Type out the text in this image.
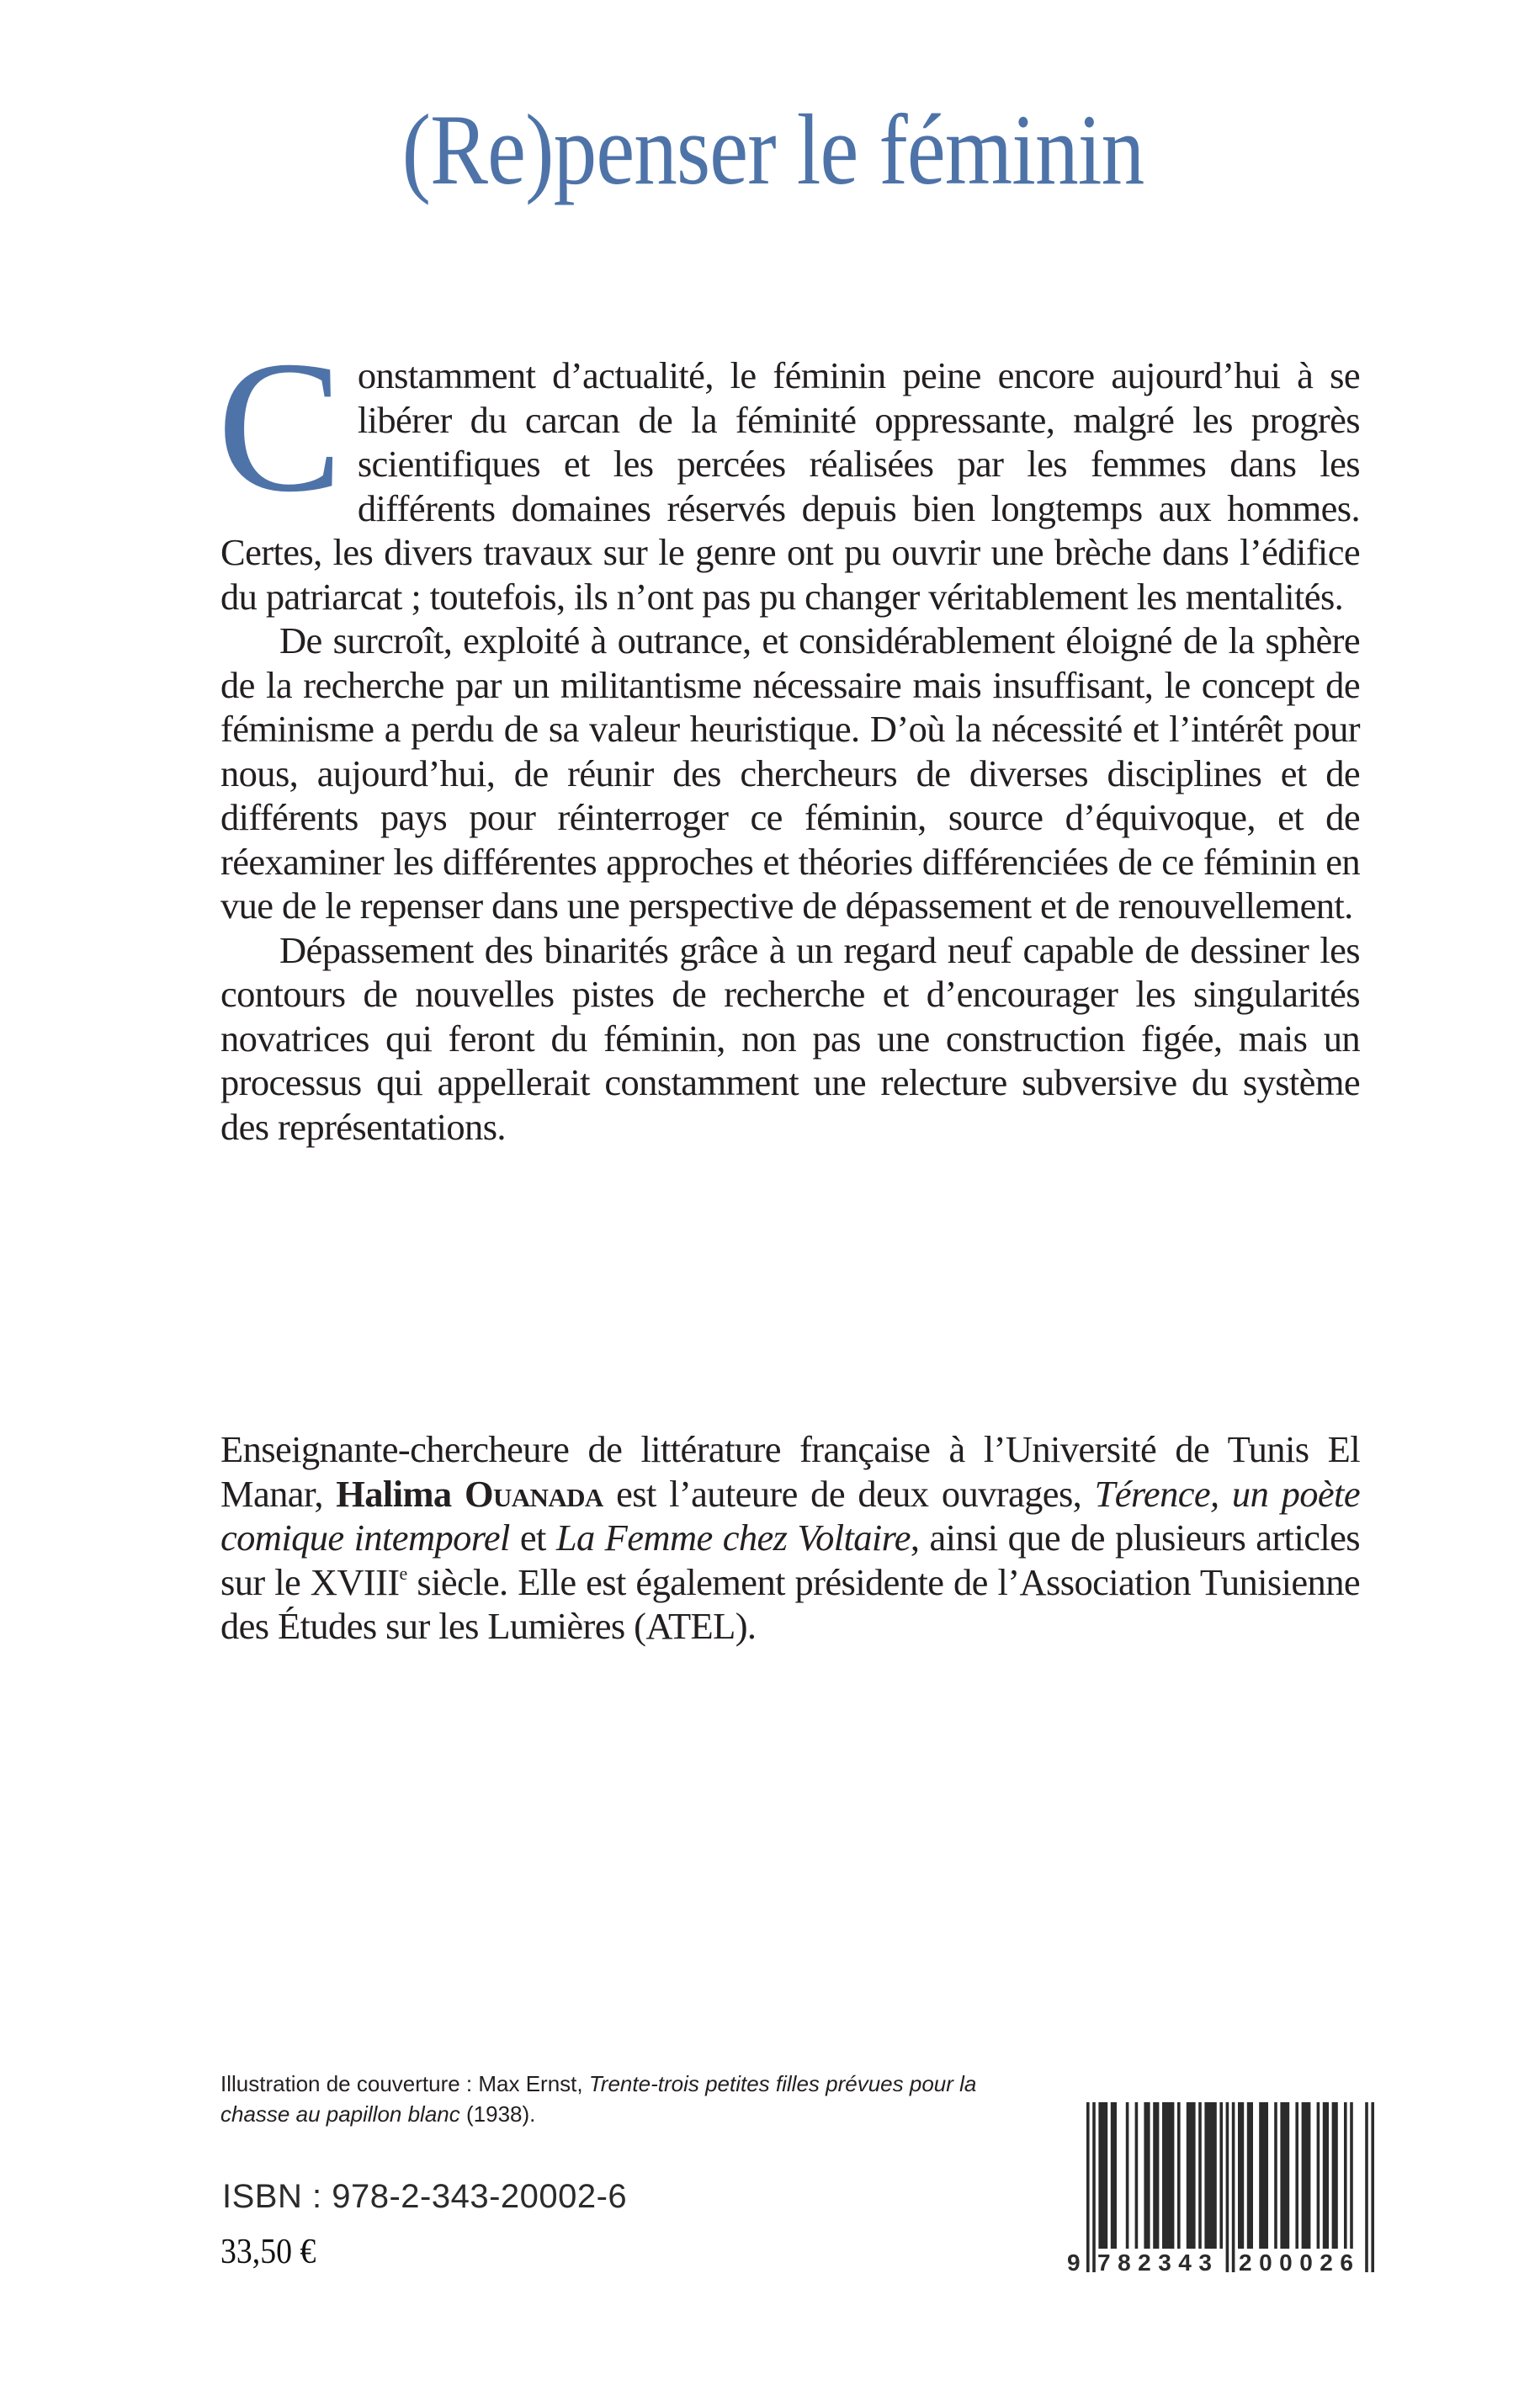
(Re)penser le féminin

Constamment d’actualité, le féminin peine encore aujourd’hui à se libérer du carcan de la féminité oppressante, malgré les progrès scientifiques et les percées réalisées par les femmes dans les différents domaines réservés depuis bien longtemps aux hommes. Certes, les divers travaux sur le genre ont pu ouvrir une brèche dans l’édifice du patriarcat ; toutefois, ils n’ont pas pu changer véritablement les mentalités.

De surcroît, exploité à outrance, et considérablement éloigné de la sphère de la recherche par un militantisme nécessaire mais insuffisant, le concept de féminisme a perdu de sa valeur heuristique. D’où la nécessité et l’intérêt pour nous, aujourd’hui, de réunir des chercheurs de diverses disciplines et de différents pays pour réinterroger ce féminin, source d’équivoque, et de réexaminer les différentes approches et théories différenciées de ce féminin en vue de le repenser dans une perspective de dépassement et de renouvellement.

Dépassement des binarités grâce à un regard neuf capable de dessiner les contours de nouvelles pistes de recherche et d’encourager les singularités novatrices qui feront du féminin, non pas une construction figée, mais un processus qui appellerait constamment une relecture subversive du système des représentations.

Enseignante-chercheure de littérature française à l’Université de Tunis El Manar, Halima Ouanada est l’auteure de deux ouvrages, Térence, un poète comique intemporel et La Femme chez Voltaire, ainsi que de plusieurs articles sur le XVIIIe siècle. Elle est également présidente de l’Association Tunisienne des Études sur les Lumières (ATEL).

Illustration de couverture : Max Ernst, Trente-trois petites filles prévues pour la chasse au papillon blanc (1938).
ISBN : 978-2-343-20002-6
33,50 €	9 782343 200026
